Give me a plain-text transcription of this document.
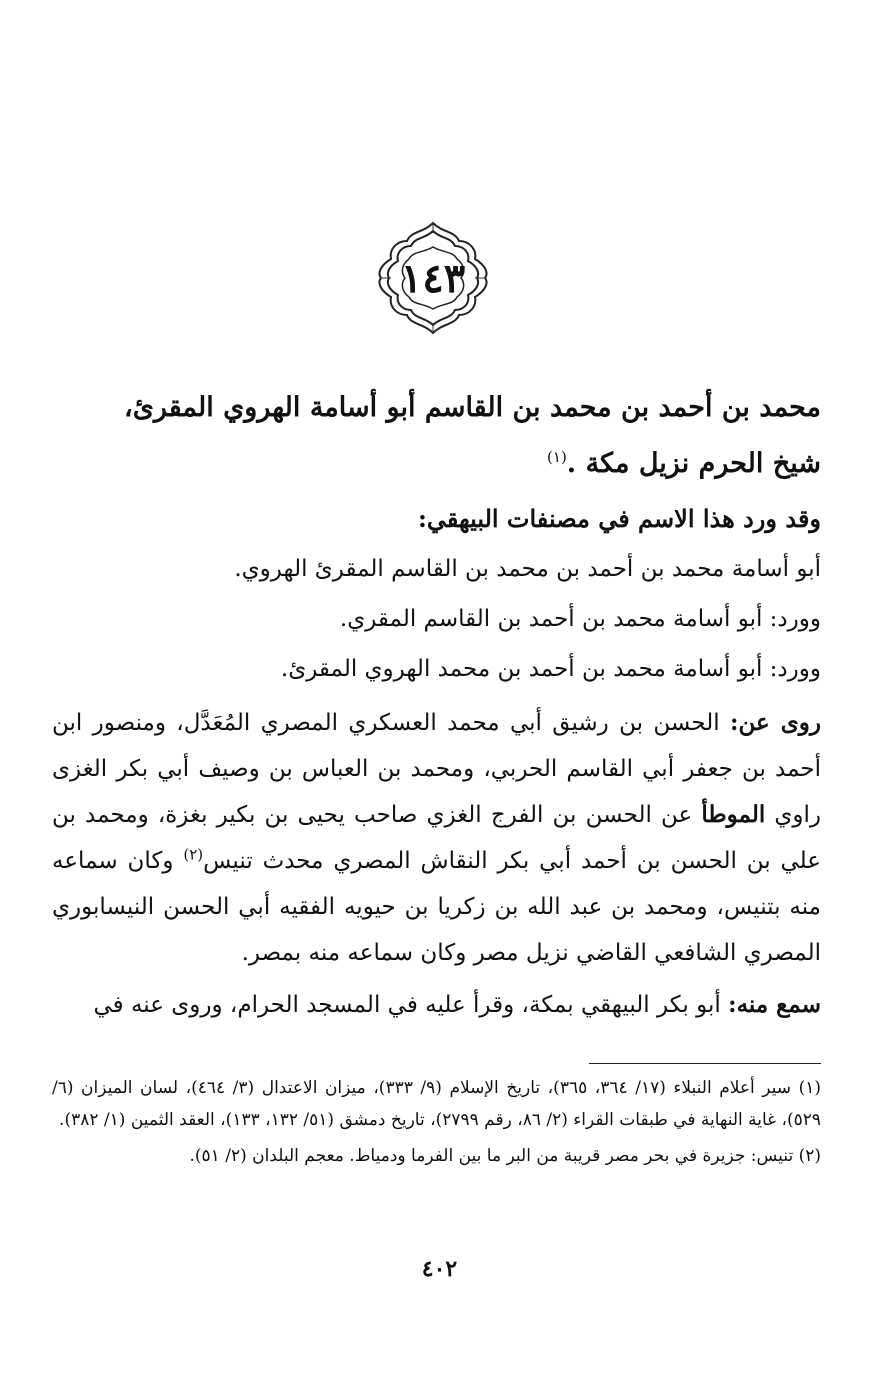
١٤٣

محمد بن أحمد بن محمد بن القاسم أبو أسامة الهروي المقرئ،
شيخ الحرم نزيل مكة .$^{(١)}$

وقد ورد هذا الاسم في مصنفات البيهقي:

أبو أسامة محمد بن أحمد بن محمد بن القاسم المقرئ الهروي.

وورد: أبو أسامة محمد بن أحمد بن القاسم المقري.

وورد: أبو أسامة محمد بن أحمد بن محمد الهروي المقرئ.

روى عن: الحسن بن رشيق أبي محمد العسكري المصري المُعَدَّل، ومنصور ابن أحمد بن جعفر أبي القاسم الحربي، ومحمد بن العباس بن وصيف أبي بكر الغزى راوي الموطأ عن الحسن بن الفرج الغزي صاحب يحيى بن بكير بغزة، ومحمد بن علي بن الحسن بن أحمد أبي بكر النقاش المصري محدث تنيس$^{(٢)}$ وكان سماعه منه بتنيس، ومحمد بن عبد الله بن زكريا بن حيويه الفقيه أبي الحسن النيسابوري المصري الشافعي القاضي نزيل مصر وكان سماعه منه بمصر.

سمع منه: أبو بكر البيهقي بمكة، وقرأ عليه في المسجد الحرام، وروى عنه في

(١) سير أعلام النبلاء (١٧/ ٣٦٤، ٣٦٥)، تاريخ الإسلام (٩/ ٣٣٣)، ميزان الاعتدال (٣/ ٤٦٤)، لسان الميزان (٦/ ٥٢٩)، غاية النهاية في طبقات القراء (٢/ ٨٦، رقم ٢٧٩٩)، تاريخ دمشق (٥١/ ١٣٢، ١٣٣)، العقد الثمين (١/ ٣٨٢).

(٢) تنيس: جزيرة في بحر مصر قريبة من البر ما بين الفرما ودمياط. معجم البلدان (٢/ ٥١).

٤٠٢
